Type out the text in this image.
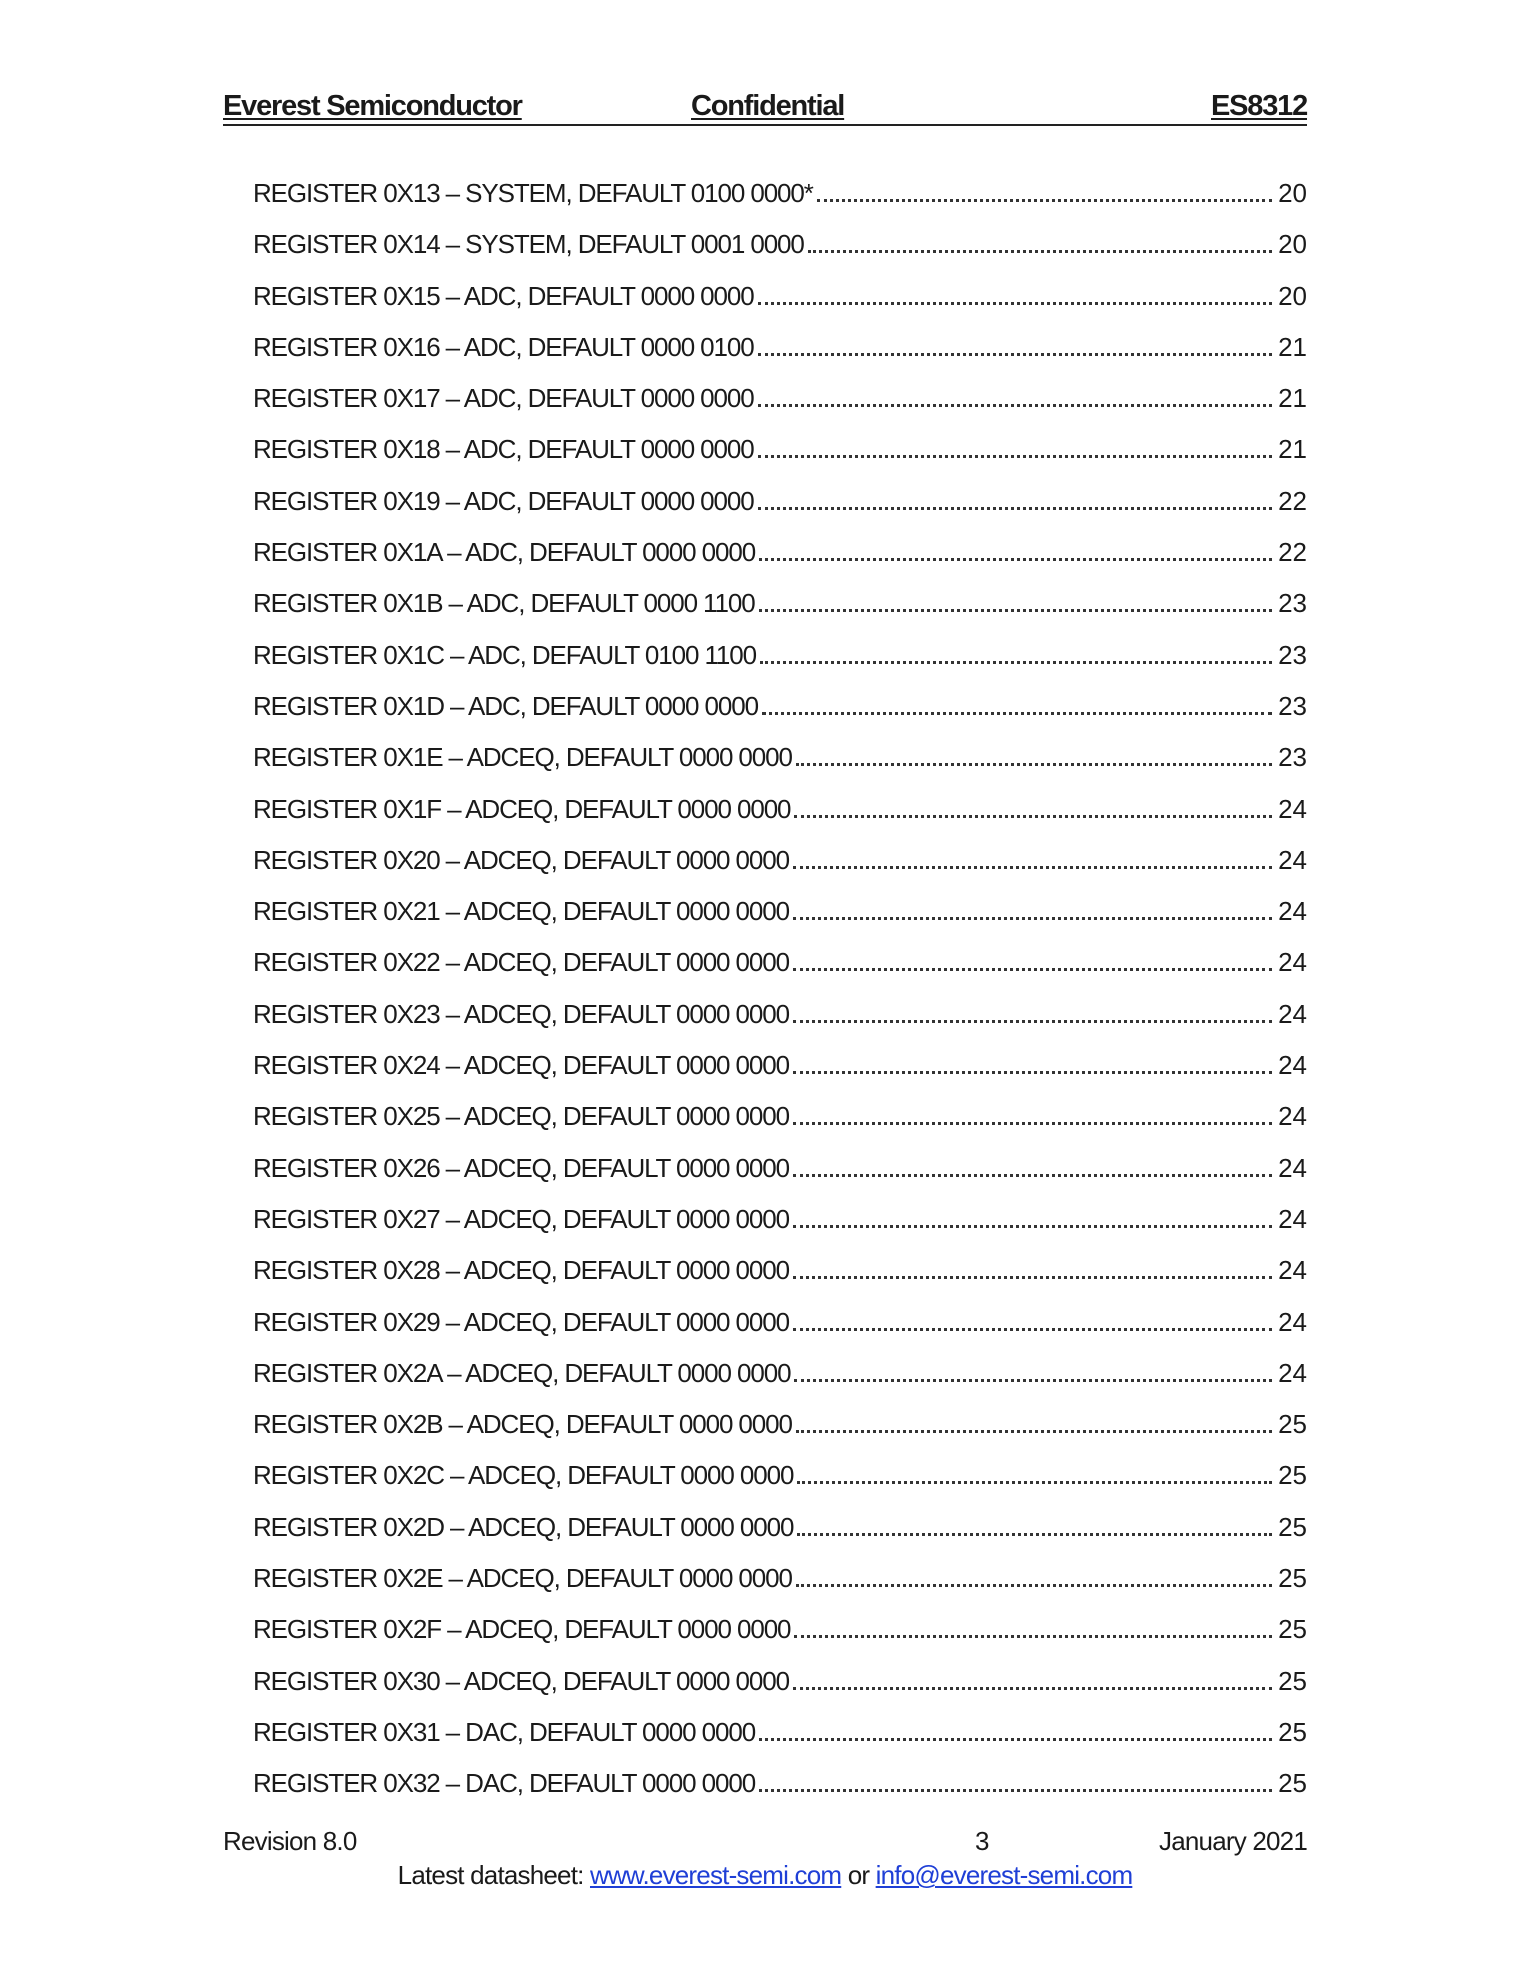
Everest Semiconductor	Confidential	ES8312
REGISTER 0X13 – SYSTEM, DEFAULT 0100 0000*	20
REGISTER 0X14 – SYSTEM, DEFAULT 0001 0000	20
REGISTER 0X15 – ADC, DEFAULT 0000 0000	20
REGISTER 0X16 – ADC, DEFAULT 0000 0100	21
REGISTER 0X17 – ADC, DEFAULT 0000 0000	21
REGISTER 0X18 – ADC, DEFAULT 0000 0000	21
REGISTER 0X19 – ADC, DEFAULT 0000 0000	22
REGISTER 0X1A – ADC, DEFAULT 0000 0000	22
REGISTER 0X1B – ADC, DEFAULT 0000 1100	23
REGISTER 0X1C – ADC, DEFAULT 0100 1100	23
REGISTER 0X1D – ADC, DEFAULT 0000 0000	23
REGISTER 0X1E – ADCEQ, DEFAULT 0000 0000	23
REGISTER 0X1F – ADCEQ, DEFAULT 0000 0000	24
REGISTER 0X20 – ADCEQ, DEFAULT 0000 0000	24
REGISTER 0X21 – ADCEQ, DEFAULT 0000 0000	24
REGISTER 0X22 – ADCEQ, DEFAULT 0000 0000	24
REGISTER 0X23 – ADCEQ, DEFAULT 0000 0000	24
REGISTER 0X24 – ADCEQ, DEFAULT 0000 0000	24
REGISTER 0X25 – ADCEQ, DEFAULT 0000 0000	24
REGISTER 0X26 – ADCEQ, DEFAULT 0000 0000	24
REGISTER 0X27 – ADCEQ, DEFAULT 0000 0000	24
REGISTER 0X28 – ADCEQ, DEFAULT 0000 0000	24
REGISTER 0X29 – ADCEQ, DEFAULT 0000 0000	24
REGISTER 0X2A – ADCEQ, DEFAULT 0000 0000	24
REGISTER 0X2B – ADCEQ, DEFAULT 0000 0000	25
REGISTER 0X2C – ADCEQ, DEFAULT 0000 0000	25
REGISTER 0X2D – ADCEQ, DEFAULT 0000 0000	25
REGISTER 0X2E – ADCEQ, DEFAULT 0000 0000	25
REGISTER 0X2F – ADCEQ, DEFAULT 0000 0000	25
REGISTER 0X30 – ADCEQ, DEFAULT 0000 0000	25
REGISTER 0X31 – DAC, DEFAULT 0000 0000	25
REGISTER 0X32 – DAC, DEFAULT 0000 0000	25
Revision 8.0	3	January 2021
Latest datasheet: www.everest-semi.com or info@everest-semi.com
